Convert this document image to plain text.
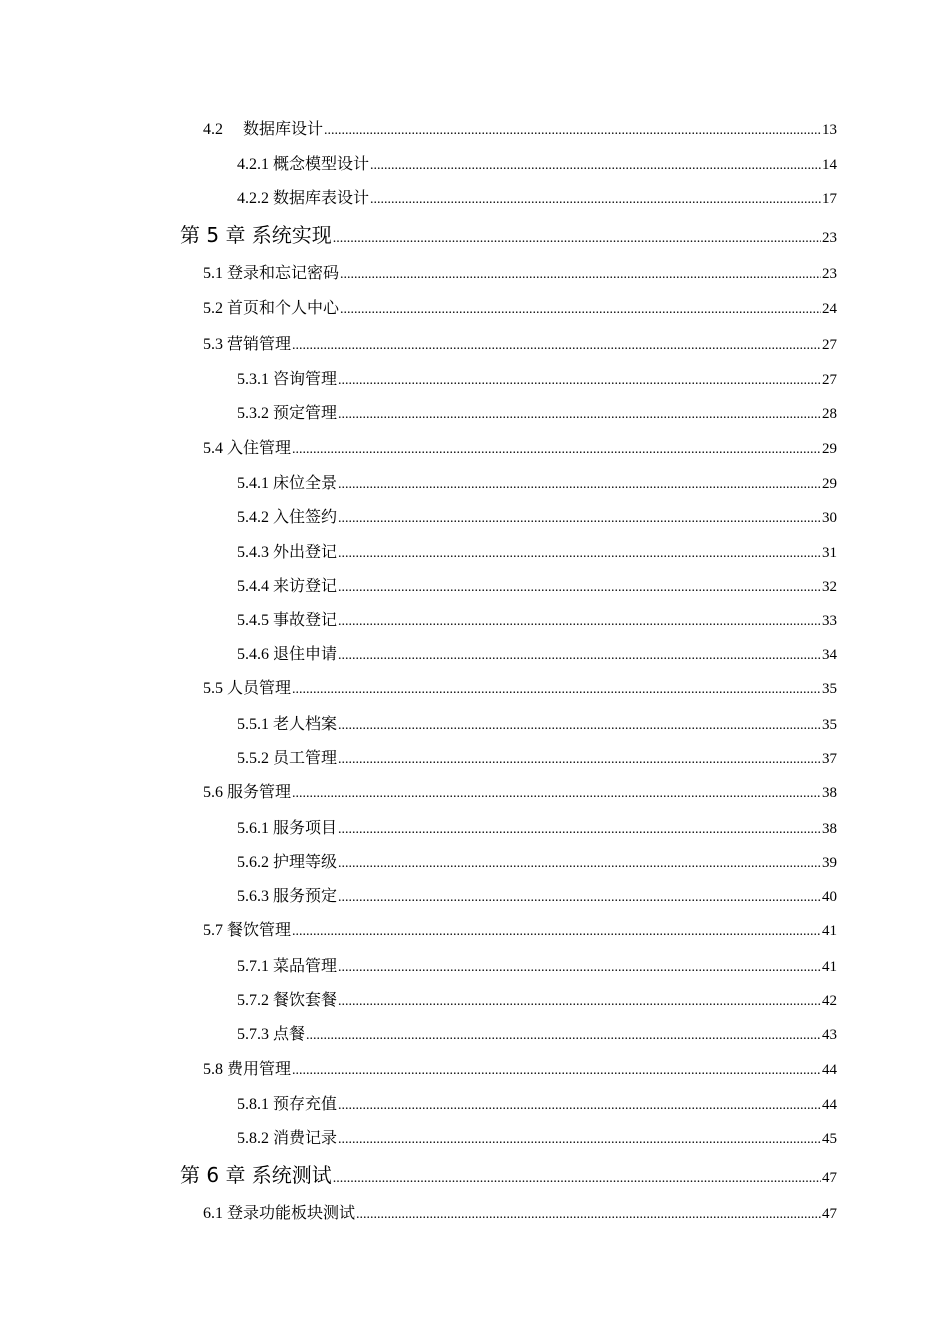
4.2　 数据库设计 .....	13
4.2.1 概念模型设计 .....	14
4.2.2 数据库表设计 .....	17
第 5 章 系统实现 .....	23
5.1 登录和忘记密码 .....	23
5.2 首页和个人中心 .....	24
5.3 营销管理 .....	27
5.3.1 咨询管理 .....	27
5.3.2 预定管理 .....	28
5.4 入住管理 .....	29
5.4.1 床位全景 .....	29
5.4.2 入住签约 .....	30
5.4.3 外出登记 .....	31
5.4.4 来访登记 .....	32
5.4.5 事故登记 .....	33
5.4.6 退住申请 .....	34
5.5 人员管理 .....	35
5.5.1 老人档案 .....	35
5.5.2 员工管理 .....	37
5.6 服务管理 .....	38
5.6.1 服务项目 .....	38
5.6.2 护理等级 .....	39
5.6.3 服务预定 .....	40
5.7 餐饮管理 .....	41
5.7.1 菜品管理 .....	41
5.7.2 餐饮套餐 .....	42
5.7.3 点餐 .....	43
5.8 费用管理 .....	44
5.8.1 预存充值 .....	44
5.8.2 消费记录 .....	45
第 6 章 系统测试 .....	47
6.1 登录功能板块测试 .....	47
